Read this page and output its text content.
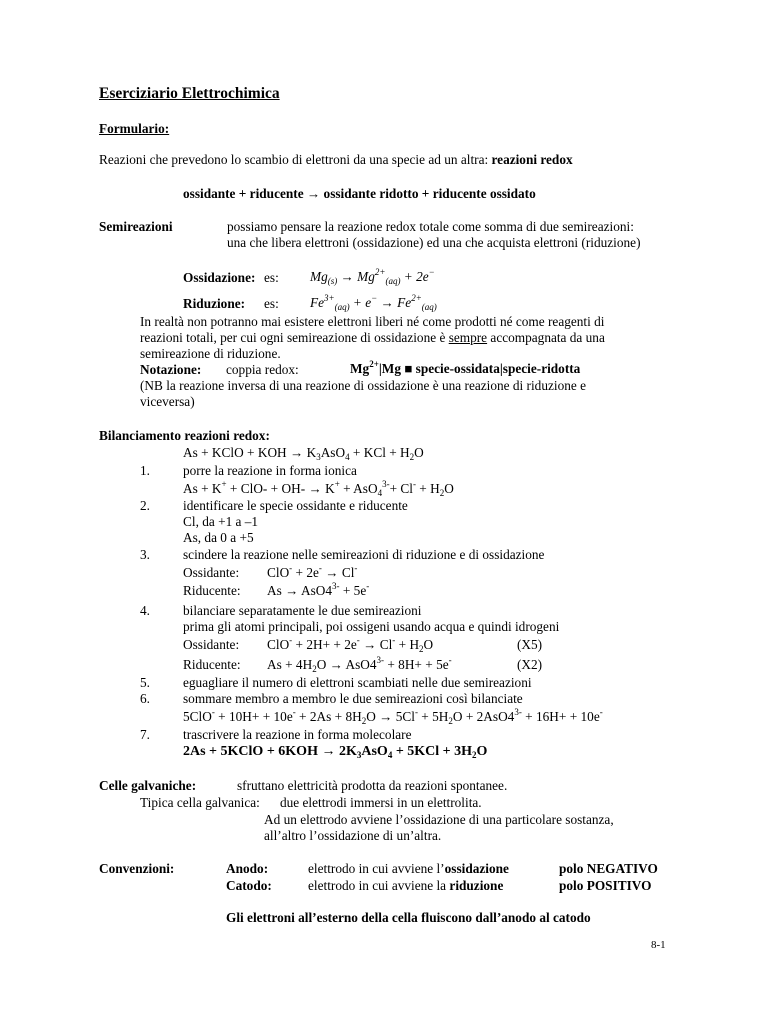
Eserciziario Elettrochimica
Formulario:
Reazioni che prevedono lo scambio di elettroni da una specie ad un altra: reazioni redox
ossidante + riducente → ossidante ridotto + riducente ossidato
Semireazioni	possiamo pensare la reazione redox totale come somma di due semireazioni:
una che libera elettroni (ossidazione) ed una che acquista elettroni (riduzione)
Ossidazione: es: $Mg_{(s)} \to Mg^{2+}_{(aq)} + 2e^-$
Riduzione: es: $Fe^{3+}_{(aq)} + e^- \to Fe^{2+}_{(aq)}$
In realtà non potranno mai esistere elettroni liberi né come prodotti né come reagenti di
reazioni totali, per cui ogni semireazione di ossidazione è sempre accompagnata da una
semireazione di riduzione.
Notazione: coppia redox:	$Mg^{2+}|Mg$ ■ specie-ossidata|specie-ridotta
(NB la reazione inversa di una reazione di ossidazione è una reazione di riduzione e
viceversa)
Bilanciamento reazioni redox:
As + KClO + KOH → $K_3AsO_4$ + KCl + $H_2O$
1. porre la reazione in forma ionica
$As + K^+ + ClO- + OH- \to K^+ + AsO_4^{3-}+ Cl^- + H_2O$
2. identificare le specie ossidante e riducente
Cl, da +1 a –1
As, da 0 a +5
3. scindere la reazione nelle semireazioni di riduzione e di ossidazione
Ossidante: ClO- + 2e- → Cl-
Riducente: $As \to AsO4^{3-} + 5e^-$
4. bilanciare separatamente le due semireazioni
prima gli atomi principali, poi ossigeni usando acqua e quindi idrogeni
Ossidante: $ClO^- + 2H+ + 2e^- \to Cl^- + H_2O$	(X5)
Riducente: $As + 4H_2O \to AsO4^{3-} + 8H+ + 5e^-$	(X2)
5. eguagliare il numero di elettroni scambiati nelle due semireazioni
6. sommare membro a membro le due semireazioni così bilanciate
$5ClO^- + 10H+ + 10e^- + 2As + 8H_2O \to 5Cl^- + 5H_2O + 2AsO4^{3-} + 16H+ + 10e^-$
7. trascrivere la reazione in forma molecolare
2As + 5KClO + $6KOH \to 2K_3AsO_4 + 5KCl + 3H_2O$
Celle galvaniche:	sfruttano elettricità prodotta da reazioni spontanee.
Tipica cella galvanica: due elettrodi immersi in un elettrolita.
Ad un elettrodo avviene l’ossidazione di una particolare sostanza,
all’altro l’ossidazione di un’altra.
Convenzioni:	Anodo:	elettrodo in cui avviene l’ossidazione	polo NEGATIVO
Catodo:	elettrodo in cui avviene la riduzione	polo POSITIVO
Gli elettroni all’esterno della cella fluiscono dall’anodo al catodo
8-1
